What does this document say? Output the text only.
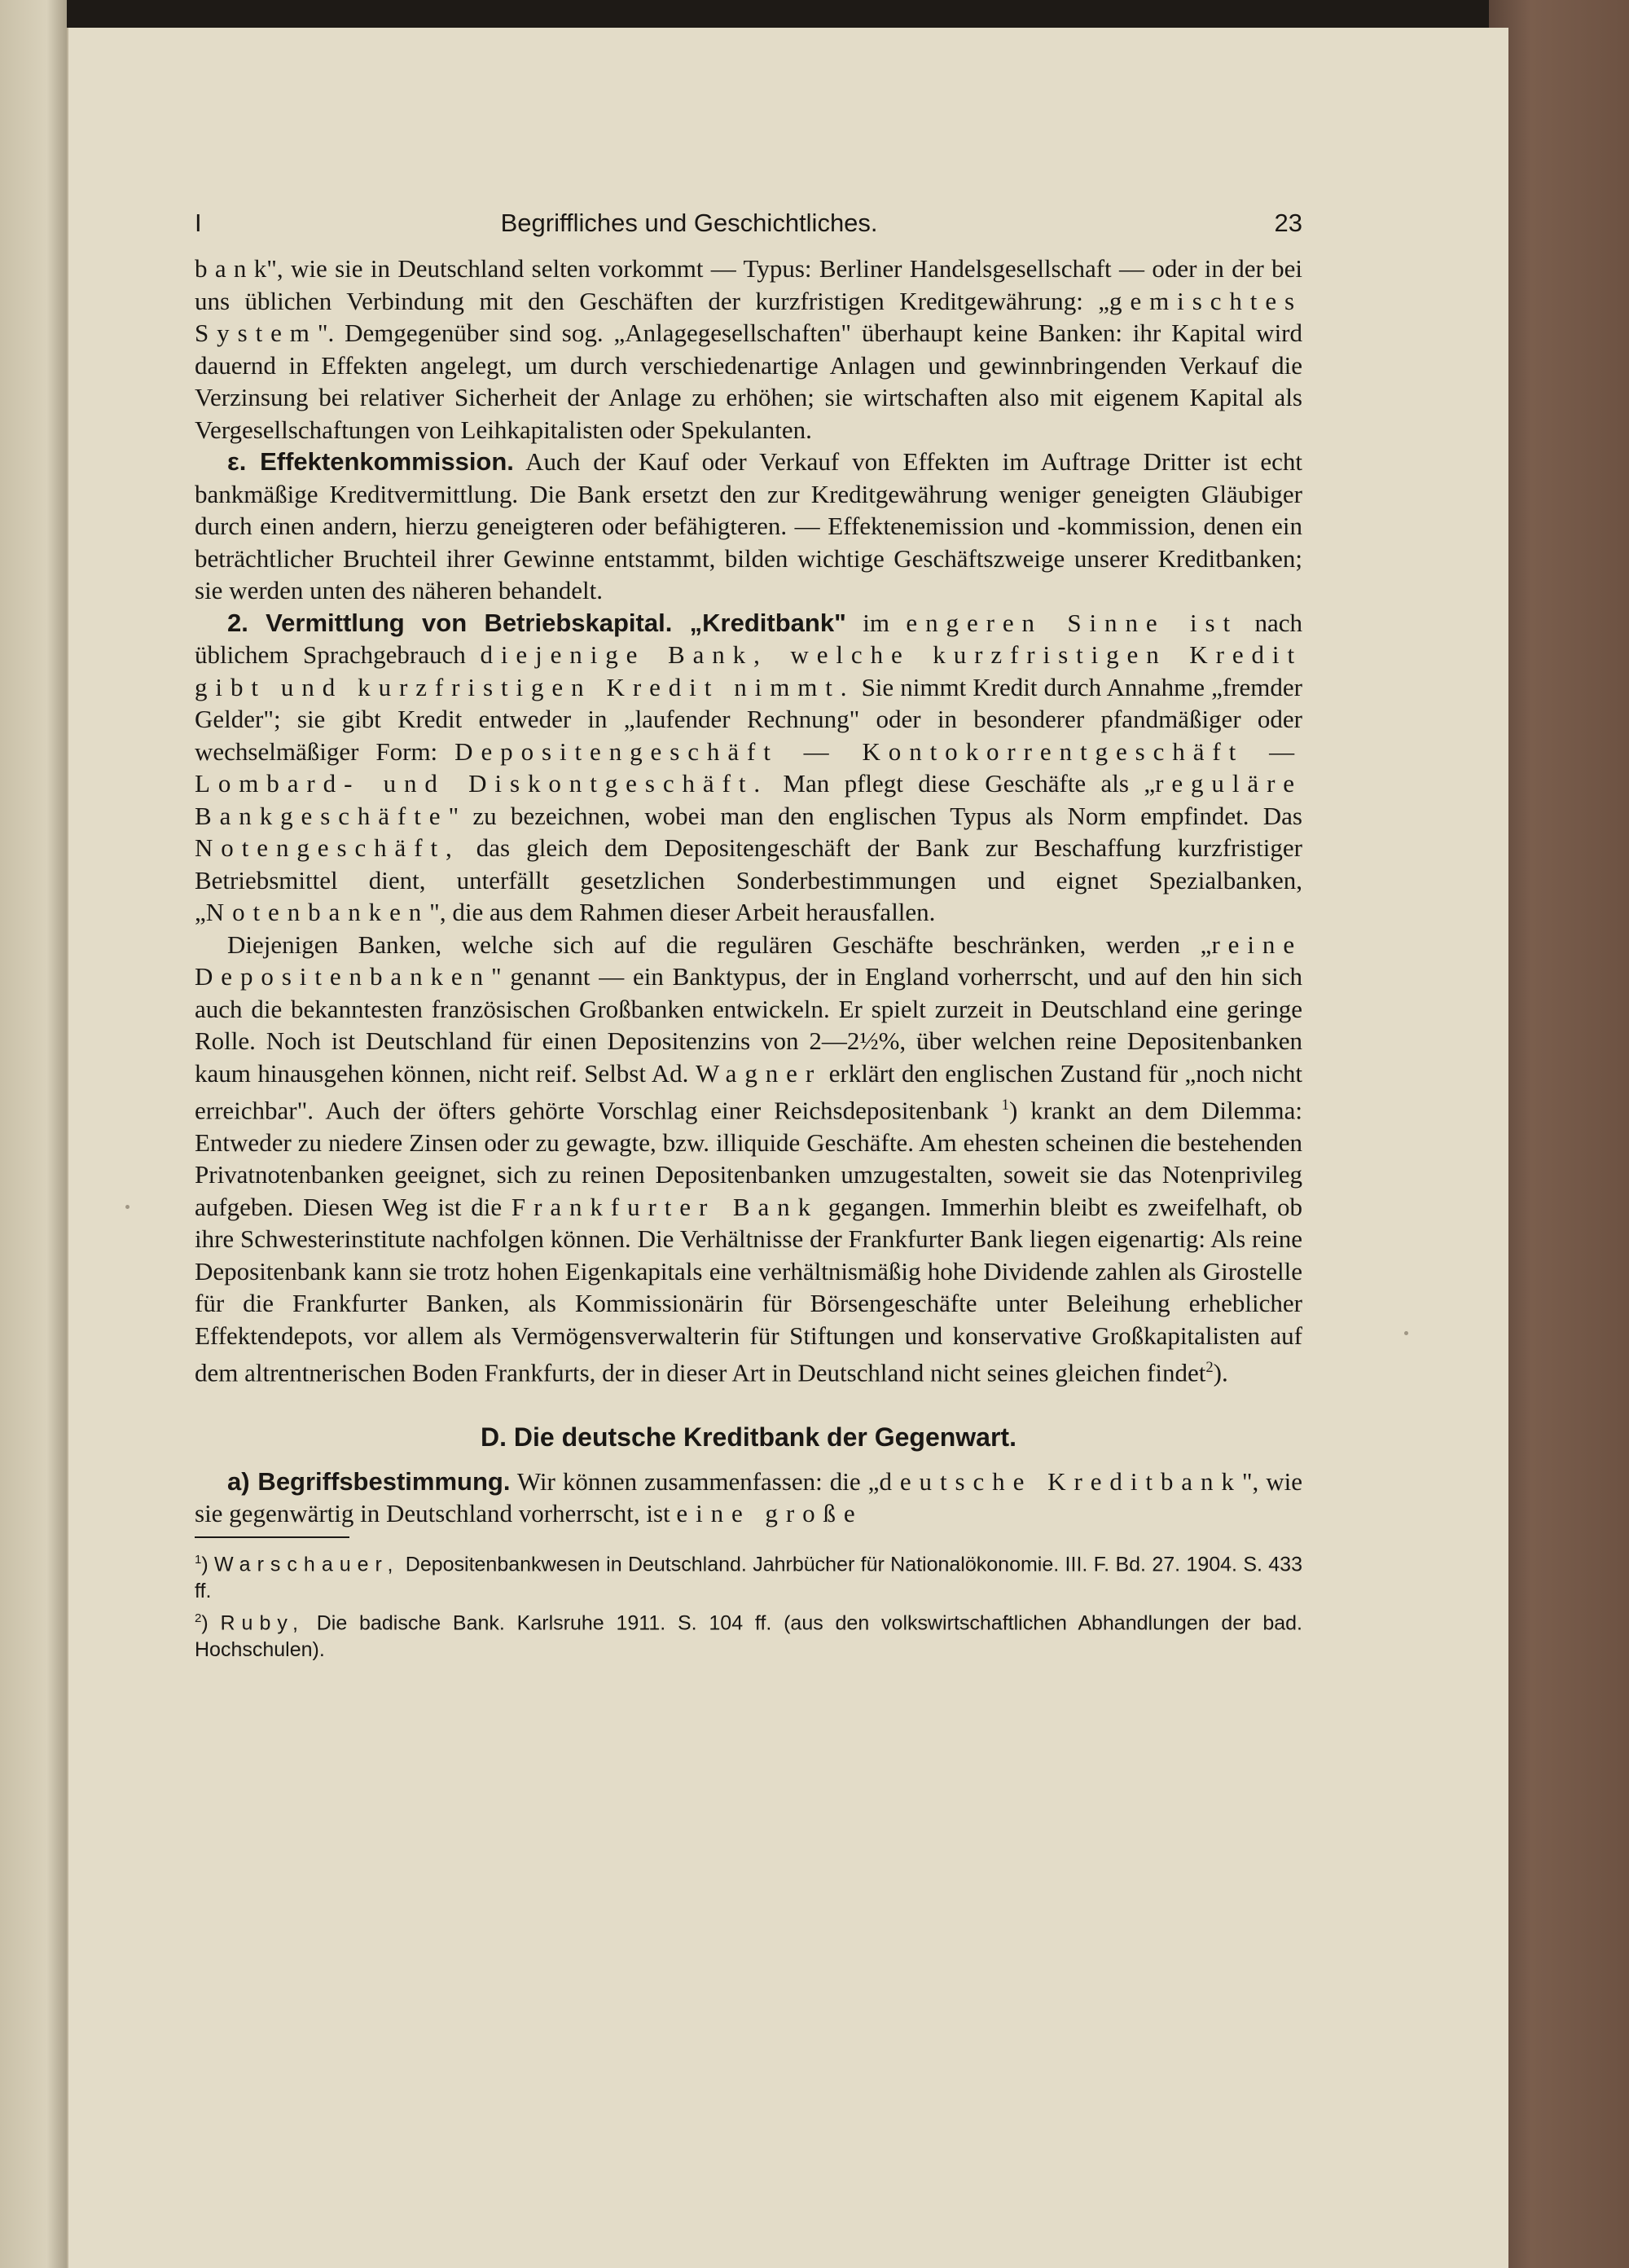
I	Begriffliches und Geschichtliches.	23

b a n k", wie sie in Deutschland selten vorkommt — Typus: Berliner Handelsgesellschaft — oder in der bei uns üblichen Verbindung mit den Geschäften der kurzfristigen Kreditgewährung: „gemischtes System". Demgegenüber sind sog. „Anlagegesellschaften" überhaupt keine Banken: ihr Kapital wird dauernd in Effekten angelegt, um durch verschiedenartige Anlagen und gewinnbringenden Verkauf die Verzinsung bei relativer Sicherheit der Anlage zu erhöhen; sie wirtschaften also mit eigenem Kapital als Vergesellschaftungen von Leihkapitalisten oder Spekulanten.

ε. Effektenkommission. Auch der Kauf oder Verkauf von Effekten im Auftrage Dritter ist echt bankmäßige Kreditvermittlung. Die Bank ersetzt den zur Kreditgewährung weniger geneigten Gläubiger durch einen andern, hierzu geneigteren oder befähigteren. — Effektenemission und -kommission, denen ein beträchtlicher Bruchteil ihrer Gewinne entstammt, bilden wichtige Geschäftszweige unserer Kreditbanken; sie werden unten des näheren behandelt.

2. Vermittlung von Betriebskapital. „Kreditbank" im engeren Sinne ist nach üblichem Sprachgebrauch diejenige Bank, welche kurzfristigen Kredit gibt und kurzfristigen Kredit nimmt. Sie nimmt Kredit durch Annahme „fremder Gelder"; sie gibt Kredit entweder in „laufender Rechnung" oder in besonderer pfandmäßiger oder wechselmäßiger Form: Depositengeschäft — Kontokorrentgeschäft — Lombard- und Diskontgeschäft. Man pflegt diese Geschäfte als „reguläre Bankgeschäfte" zu bezeichnen, wobei man den englischen Typus als Norm empfindet. Das Notengeschäft, das gleich dem Depositengeschäft der Bank zur Beschaffung kurzfristiger Betriebsmittel dient, unterfällt gesetzlichen Sonderbestimmungen und eignet Spezialbanken, „Notenbanken", die aus dem Rahmen dieser Arbeit herausfallen.

Diejenigen Banken, welche sich auf die regulären Geschäfte beschränken, werden „reine Depositenbanken" genannt — ein Banktypus, der in England vorherrscht, und auf den hin sich auch die bekanntesten französischen Großbanken entwickeln. Er spielt zurzeit in Deutschland eine geringe Rolle. Noch ist Deutschland für einen Depositenzins von 2—2½%, über welchen reine Depositenbanken kaum hinausgehen können, nicht reif. Selbst Ad. Wagner erklärt den englischen Zustand für „noch nicht erreichbar". Auch der öfters gehörte Vorschlag einer Reichsdepositenbank $^1$) krankt an dem Dilemma: Entweder zu niedere Zinsen oder zu gewagte, bzw. illiquide Geschäfte. Am ehesten scheinen die bestehenden Privatnotenbanken geeignet, sich zu reinen Depositenbanken umzugestalten, soweit sie das Notenprivileg aufgeben. Diesen Weg ist die Frankfurter Bank gegangen. Immerhin bleibt es zweifelhaft, ob ihre Schwesterinstitute nachfolgen können. Die Verhältnisse der Frankfurter Bank liegen eigenartig: Als reine Depositenbank kann sie trotz hohen Eigenkapitals eine verhältnismäßig hohe Dividende zahlen als Girostelle für die Frankfurter Banken, als Kommissionärin für Börsengeschäfte unter Beleihung erheblicher Effektendepots, vor allem als Vermögensverwalterin für Stiftungen und konservative Großkapitalisten auf dem altrentnerischen Boden Frankfurts, der in dieser Art in Deutschland nicht seines gleichen findet$^2$).

D. Die deutsche Kreditbank der Gegenwart.

a) Begriffsbestimmung. Wir können zusammenfassen: die „deutsche Kreditbank", wie sie gegenwärtig in Deutschland vorherrscht, ist eine große

$^1$) Warschauer, Depositenbankwesen in Deutschland. Jahrbücher für Nationalökonomie. III. F. Bd. 27. 1904. S. 433 ff.

$^2$) Ruby, Die badische Bank. Karlsruhe 1911. S. 104 ff. (aus den volkswirtschaftlichen Abhandlungen der bad. Hochschulen).
